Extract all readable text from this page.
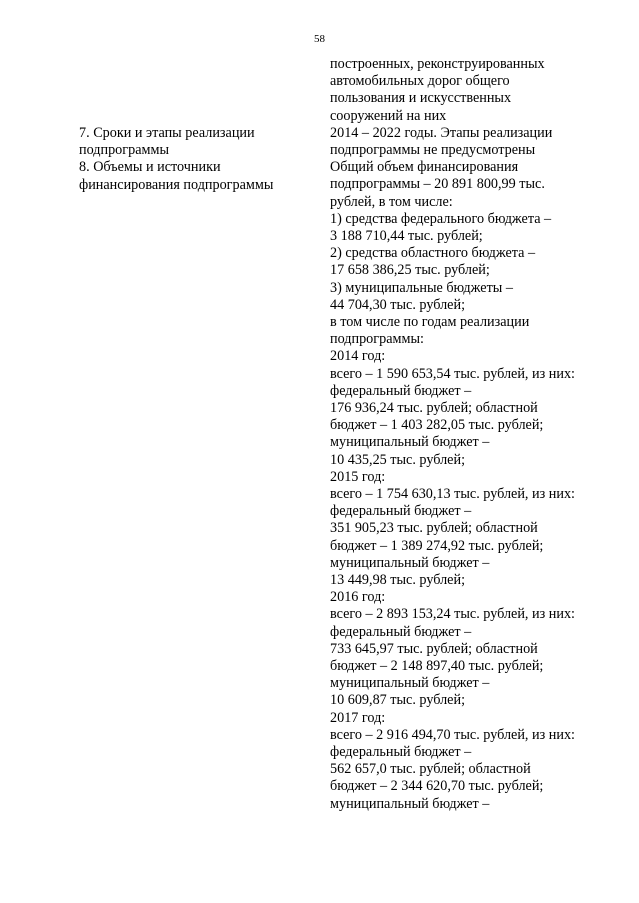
58
построенных, реконструированных
автомобильных дорог общего
пользования и искусственных
сооружений на них
2014 – 2022 годы. Этапы реализации
подпрограммы не предусмотрены
Общий объем финансирования
подпрограммы – 20 891 800,99 тыс.
рублей, в том числе:
1) средства федерального бюджета –
3 188 710,44 тыс. рублей;
2) средства областного бюджета –
17 658 386,25 тыс. рублей;
3) муниципальные бюджеты –
44 704,30 тыс. рублей;
в том числе по годам реализации
подпрограммы:
2014 год:
всего – 1 590 653,54 тыс. рублей, из них:
федеральный бюджет –
176 936,24 тыс. рублей; областной
бюджет – 1 403 282,05 тыс. рублей;
муниципальный бюджет –
10 435,25 тыс. рублей;
2015 год:
всего – 1 754 630,13 тыс. рублей, из них:
федеральный бюджет –
351 905,23 тыс. рублей; областной
бюджет – 1 389 274,92 тыс. рублей;
муниципальный бюджет –
13 449,98 тыс. рублей;
2016 год:
всего – 2 893 153,24 тыс. рублей, из них:
федеральный бюджет –
733 645,97 тыс. рублей; областной
бюджет – 2 148 897,40 тыс. рублей;
муниципальный бюджет –
10 609,87 тыс. рублей;
2017 год:
всего – 2 916 494,70 тыс. рублей, из них:
федеральный бюджет –
562 657,0 тыс. рублей; областной
бюджет – 2 344 620,70 тыс. рублей;
муниципальный бюджет –
7. Сроки и этапы реализации
подпрограммы
8. Объемы и источники
финансирования подпрограммы
